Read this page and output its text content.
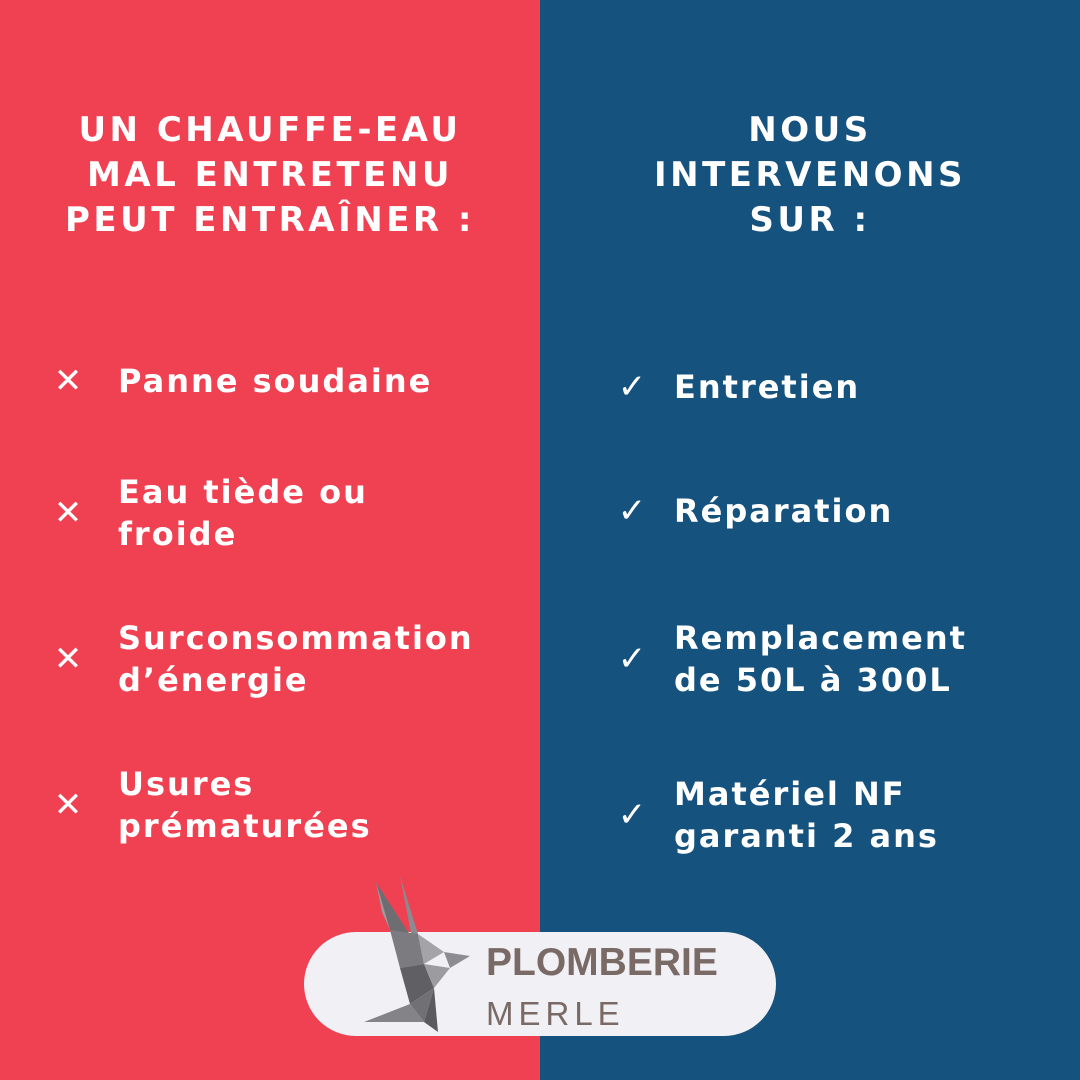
UN CHAUFFE-EAU
MAL ENTRETENU
PEUT ENTRAÎNER :
NOUS
INTERVENONS
SUR :
✕ Panne soudaine
✕
Eau tiède ou
froide
✕
Surconsommation
d’énergie
✕
Usures
prématurées
✓ Entretien
✓ Réparation
✓
Remplacement
de 50L à 300L
✓
Matériel NF
garanti 2 ans
PLOMBERIE
MERLE
